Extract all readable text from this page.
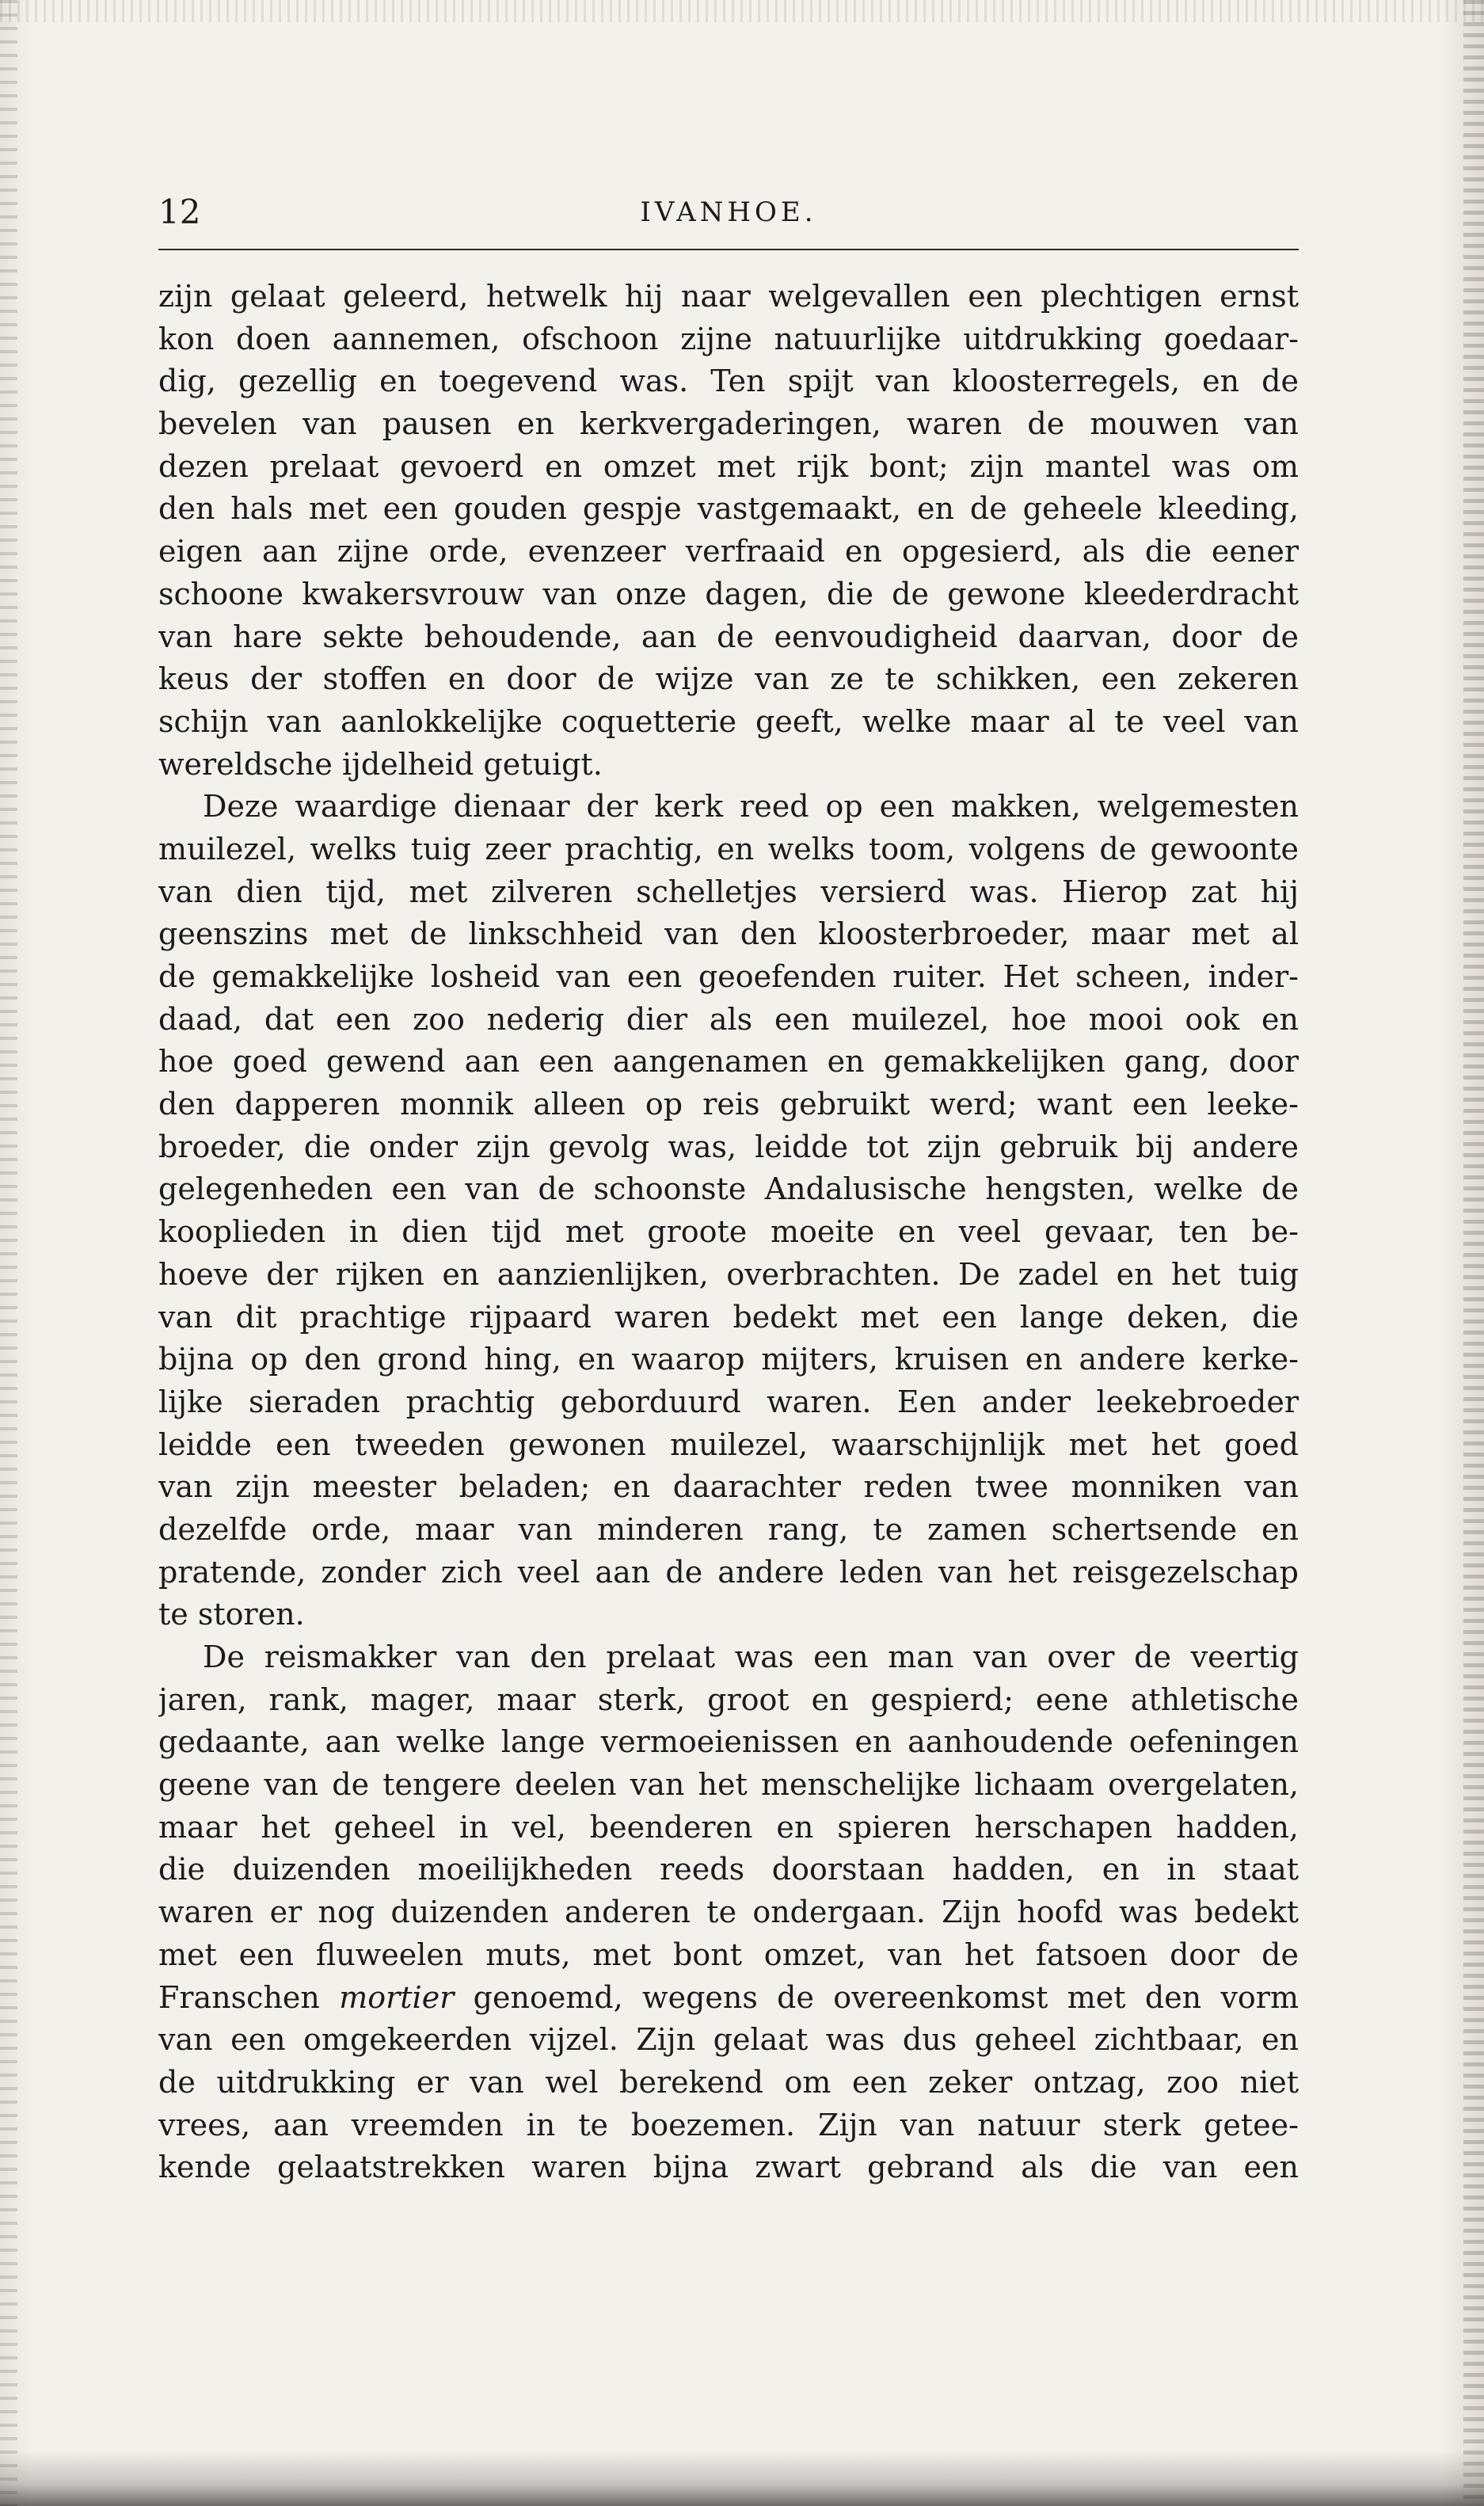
12	IVANHOE.
zijn gelaat geleerd, hetwelk hij naar welgevallen een plechtigen ernst
kon doen aannemen, ofschoon zijne natuurlijke uitdrukking goedaar-
dig, gezellig en toegevend was. Ten spijt van kloosterregels, en de
bevelen van pausen en kerkvergaderingen, waren de mouwen van
dezen prelaat gevoerd en omzet met rijk bont; zijn mantel was om
den hals met een gouden gespje vastgemaakt, en de geheele kleeding,
eigen aan zijne orde, evenzeer verfraaid en opgesierd, als die eener
schoone kwakersvrouw van onze dagen, die de gewone kleederdracht
van hare sekte behoudende, aan de eenvoudigheid daarvan, door de
keus der stoffen en door de wijze van ze te schikken, een zekeren
schijn van aanlokkelijke coquetterie geeft, welke maar al te veel van
wereldsche ijdelheid getuigt.
Deze waardige dienaar der kerk reed op een makken, welgemesten
muilezel, welks tuig zeer prachtig, en welks toom, volgens de gewoonte
van dien tijd, met zilveren schelletjes versierd was. Hierop zat hij
geenszins met de linkschheid van den kloosterbroeder, maar met al
de gemakkelijke losheid van een geoefenden ruiter. Het scheen, inder-
daad, dat een zoo nederig dier als een muilezel, hoe mooi ook en
hoe goed gewend aan een aangenamen en gemakkelijken gang, door
den dapperen monnik alleen op reis gebruikt werd; want een leeke-
broeder, die onder zijn gevolg was, leidde tot zijn gebruik bij andere
gelegenheden een van de schoonste Andalusische hengsten, welke de
kooplieden in dien tijd met groote moeite en veel gevaar, ten be-
hoeve der rijken en aanzienlijken, overbrachten. De zadel en het tuig
van dit prachtige rijpaard waren bedekt met een lange deken, die
bijna op den grond hing, en waarop mijters, kruisen en andere kerke-
lijke sieraden prachtig geborduurd waren. Een ander leekebroeder
leidde een tweeden gewonen muilezel, waarschijnlijk met het goed
van zijn meester beladen; en daarachter reden twee monniken van
dezelfde orde, maar van minderen rang, te zamen schertsende en
pratende, zonder zich veel aan de andere leden van het reisgezelschap
te storen.
De reismakker van den prelaat was een man van over de veertig
jaren, rank, mager, maar sterk, groot en gespierd; eene athletische
gedaante, aan welke lange vermoeienissen en aanhoudende oefeningen
geene van de tengere deelen van het menschelijke lichaam overgelaten,
maar het geheel in vel, beenderen en spieren herschapen hadden,
die duizenden moeilijkheden reeds doorstaan hadden, en in staat
waren er nog duizenden anderen te ondergaan. Zijn hoofd was bedekt
met een fluweelen muts, met bont omzet, van het fatsoen door de
Franschen mortier genoemd, wegens de overeenkomst met den vorm
van een omgekeerden vijzel. Zijn gelaat was dus geheel zichtbaar, en
de uitdrukking er van wel berekend om een zeker ontzag, zoo niet
vrees, aan vreemden in te boezemen. Zijn van natuur sterk getee-
kende gelaatstrekken waren bijna zwart gebrand als die van een
